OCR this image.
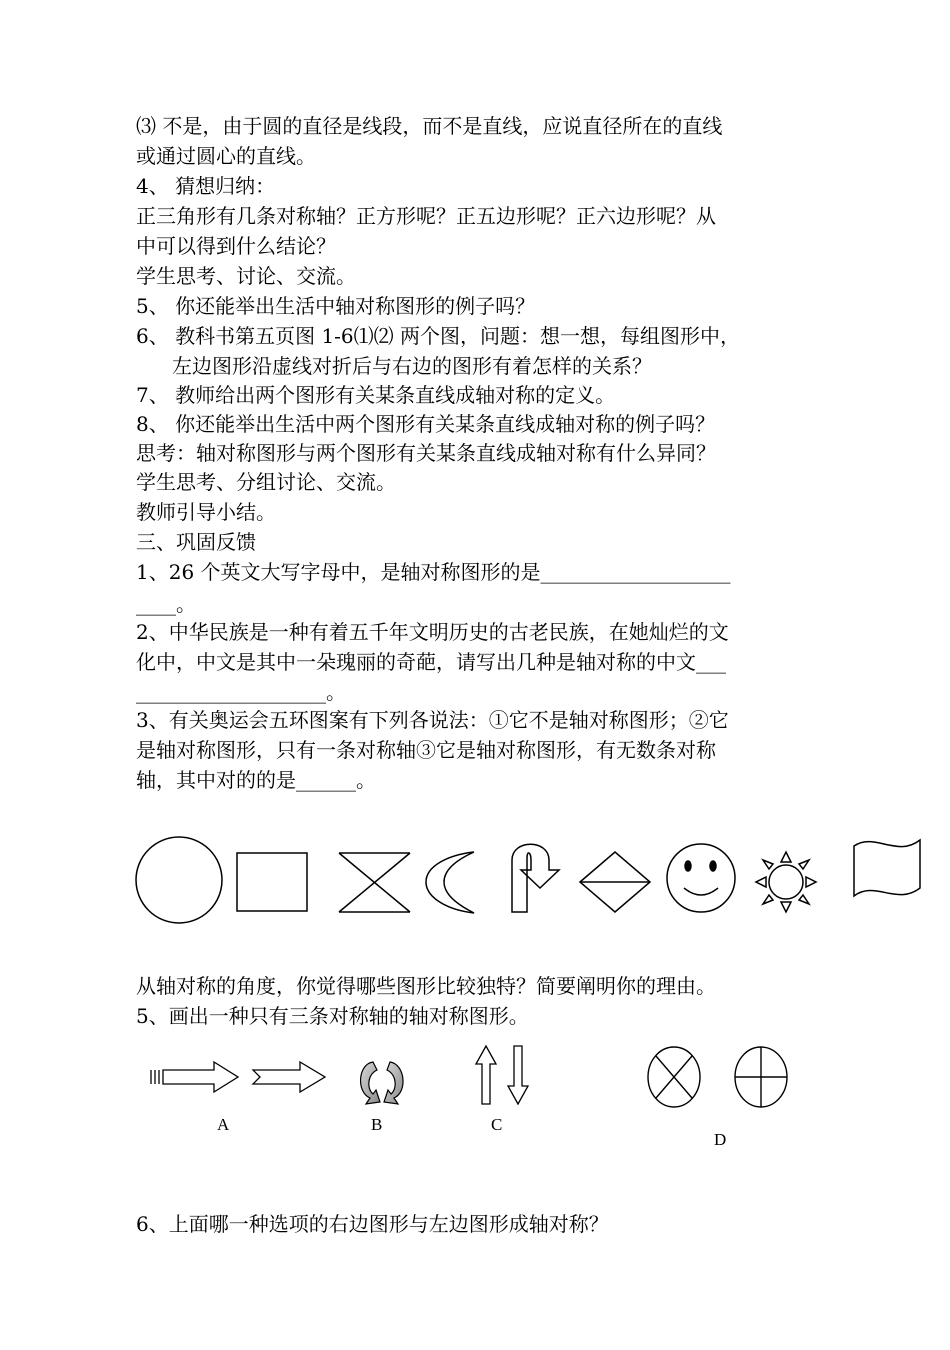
⑶ 不是，由于圆的直径是线段，而不是直线，应说直径所在的直线
或通过圆心的直线。
4、 猜想归纳：
正三角形有几条对称轴？正方形呢？正五边形呢？正六边形呢？从
中可以得到什么结论？
学生思考、讨论、交流。
5、 你还能举出生活中轴对称图形的例子吗？
6、 教科书第五页图 1-6⑴⑵ 两个图，问题：想一想，每组图形中，
左边图形沿虚线对折后与右边的图形有着怎样的关系？
7、 教师给出两个图形有关某条直线成轴对称的定义。
8、 你还能举出生活中两个图形有关某条直线成轴对称的例子吗？
思考：轴对称图形与两个图形有关某条直线成轴对称有什么异同？
学生思考、分组讨论、交流。
教师引导小结。
三、巩固反馈
1、26 个英文大写字母中，是轴对称图形的是___________________
____。
2、中华民族是一种有着五千年文明历史的古老民族，在她灿烂的文
化中，中文是其中一朵瑰丽的奇葩，请写出几种是轴对称的中文___
___________________。
3、有关奥运会五环图案有下列各说法：①它不是轴对称图形；②它
是轴对称图形，只有一条对称轴③它是轴对称图形，有无数条对称
轴，其中对的的是______。
从轴对称的角度，你觉得哪些图形比较独特？简要阐明你的理由。
5、画出一种只有三条对称轴的轴对称图形。
6、上面哪一种选项的右边图形与左边图形成轴对称？
A	B	C
D
